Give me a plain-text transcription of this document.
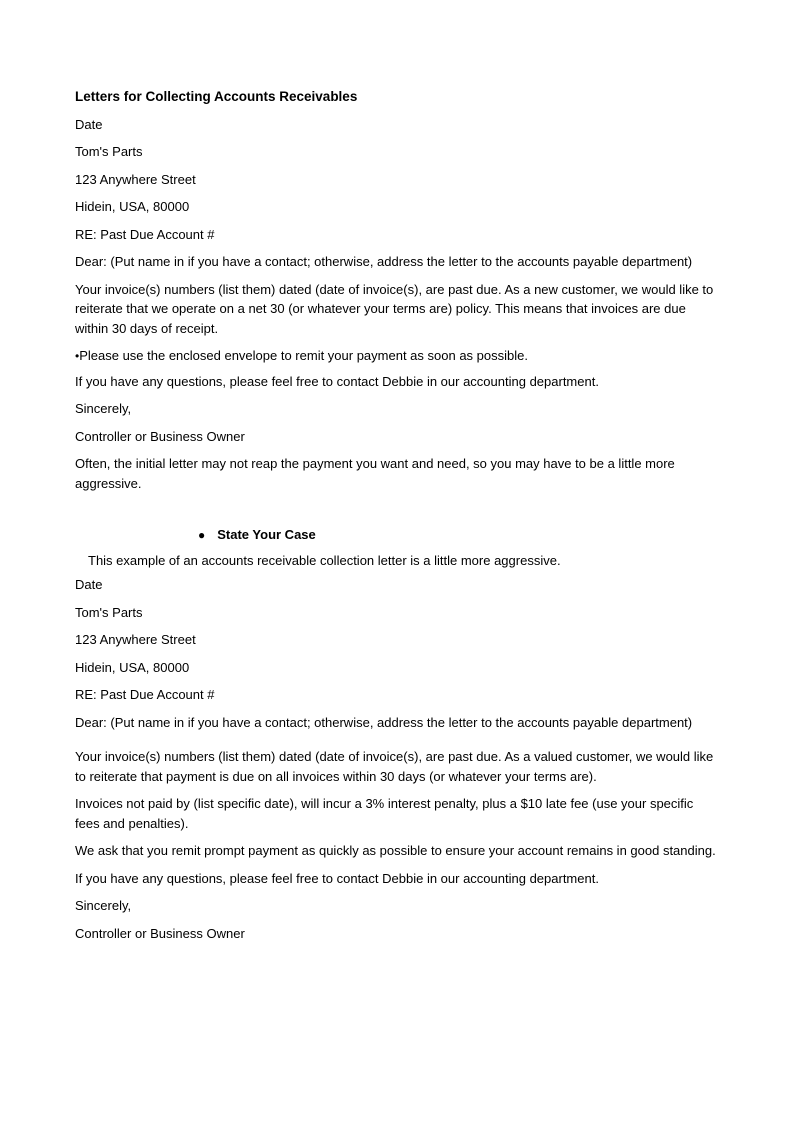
Letters for Collecting Accounts Receivables

Date

Tom's Parts

123 Anywhere Street

Hidein, USA, 80000

RE: Past Due Account #

Dear: (Put name in if you have a contact; otherwise, address the letter to the accounts payable department)

Your invoice(s) numbers (list them) dated (date of invoice(s), are past due. As a new customer, we would like to reiterate that we operate on a net 30 (or whatever your terms are) policy. This means that invoices are due within 30 days of receipt.

•Please use the enclosed envelope to remit your payment as soon as possible.

If you have any questions, please feel free to contact Debbie in our accounting department.

Sincerely,

Controller or Business Owner

Often, the initial letter may not reap the payment you want and need, so you may have to be a little more aggressive.

● State Your Case

This example of an accounts receivable collection letter is a little more aggressive.

Date

Tom's Parts

123 Anywhere Street

Hidein, USA, 80000

RE: Past Due Account #

Dear: (Put name in if you have a contact; otherwise, address the letter to the accounts payable department)

Your invoice(s) numbers (list them) dated (date of invoice(s), are past due. As a valued customer, we would like to reiterate that payment is due on all invoices within 30 days (or whatever your terms are).

Invoices not paid by (list specific date), will incur a 3% interest penalty, plus a $10 late fee (use your specific fees and penalties).

We ask that you remit prompt payment as quickly as possible to ensure your account remains in good standing.

If you have any questions, please feel free to contact Debbie in our accounting department.

Sincerely,

Controller or Business Owner
